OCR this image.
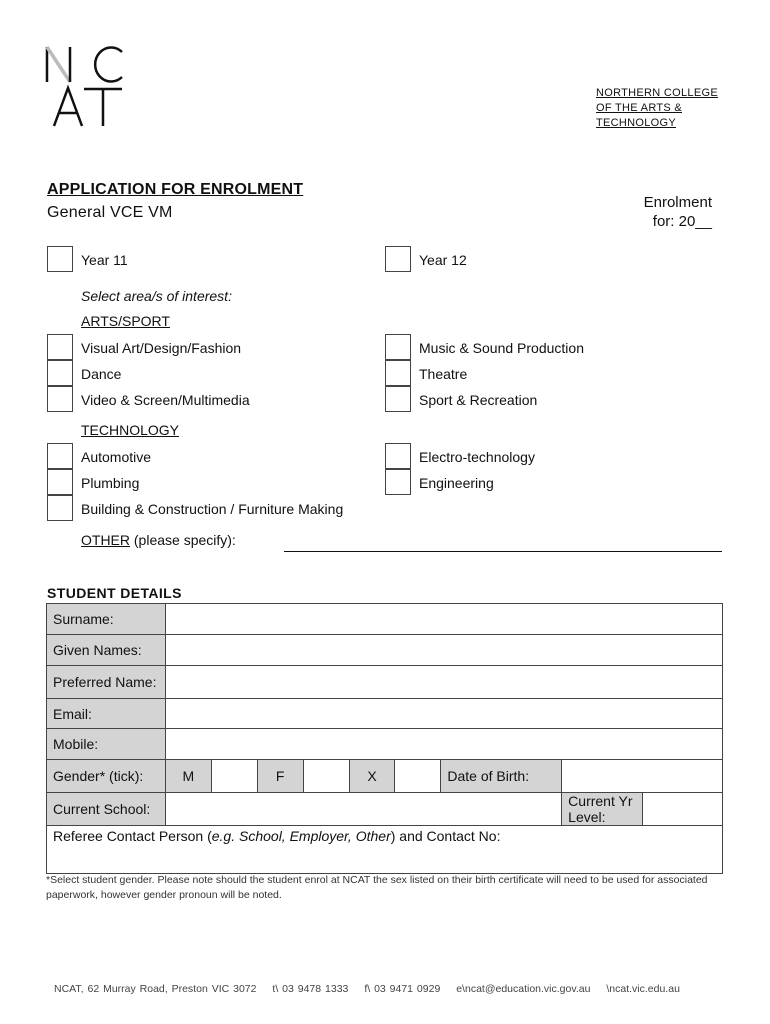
NORTHERN COLLEGE
OF THE ARTS &
TECHNOLOGY
APPLICATION FOR ENROLMENT
General VCE VM
Enrolment
for: 20__
Year 11	Year 12
Select area/s of interest:
ARTS/SPORT
Visual Art/Design/Fashion
Dance
Video & Screen/Multimedia
Music & Sound Production
Theatre
Sport & Recreation
TECHNOLOGY
Automotive
Plumbing
Building & Construction / Furniture Making
Electro-technology
Engineering
OTHER (please specify):
STUDENT DETAILS
Surname:									
Given Names:									
Preferred Name:									
Email:									
Mobile:									
Gender* (tick):	M		F		X		Date of Birth:		
Current School:								Current Yr Level:	
Referee Contact Person (e.g. School, Employer, Other) and Contact No:									
*Select student gender. Please note should the student enrol at NCAT the sex listed on their birth certificate will need to be used for associated paperwork, however gender pronoun will be noted.
NCAT, 62 Murray Road, Preston VIC 3072 t\ 03 9478 1333 f\ 03 9471 0929 e\ncat@education.vic.gov.au \ncat.vic.edu.au
